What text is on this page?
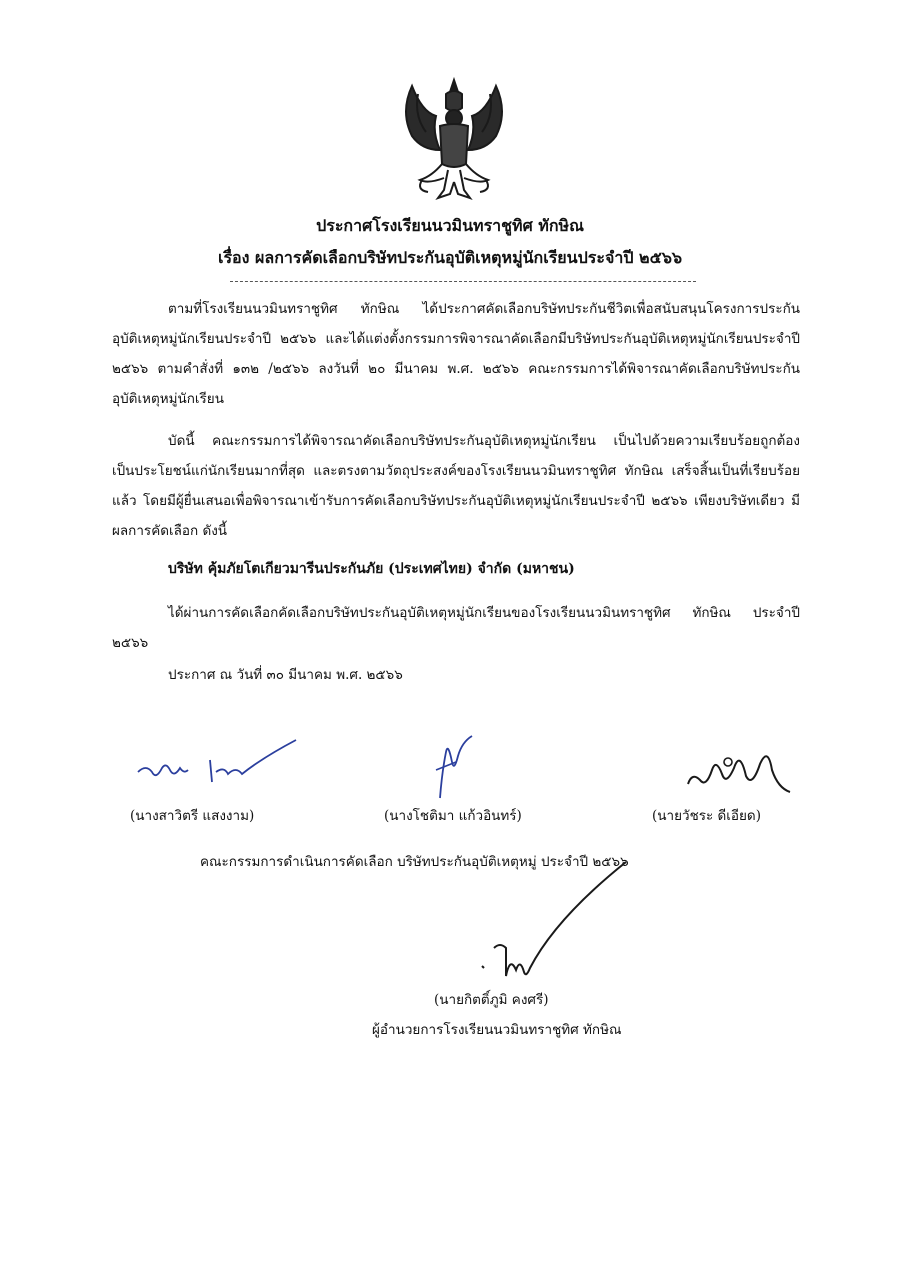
ประกาศโรงเรียนนวมินทราชูทิศ ทักษิณ
เรื่อง ผลการคัดเลือกบริษัทประกันอุบัติเหตุหมู่นักเรียนประจำปี ๒๕๖๖
ตามที่โรงเรียนนวมินทราชูทิศ ทักษิณ ได้ประกาศคัดเลือกบริษัทประกันชีวิตเพื่อสนับสนุนโครงการประกันอุบัติเหตุหมู่นักเรียนประจำปี ๒๕๖๖ และได้แต่งตั้งกรรมการพิจารณาคัดเลือกมีบริษัทประกันอุบัติเหตุหมู่นักเรียนประจำปี ๒๕๖๖ ตามคำสั่งที่ ๑๓๒ /๒๕๖๖ ลงวันที่ ๒๐ มีนาคม พ.ศ. ๒๕๖๖ คณะกรรมการได้พิจารณาคัดเลือกบริษัทประกันอุบัติเหตุหมู่นักเรียน
บัดนี้ คณะกรรมการได้พิจารณาคัดเลือกบริษัทประกันอุบัติเหตุหมู่นักเรียน เป็นไปด้วยความเรียบร้อยถูกต้อง เป็นประโยชน์แก่นักเรียนมากที่สุด และตรงตามวัตถุประสงค์ของโรงเรียนนวมินทราชูทิศ ทักษิณ เสร็จสิ้นเป็นที่เรียบร้อยแล้ว โดยมีผู้ยื่นเสนอเพื่อพิจารณาเข้ารับการคัดเลือกบริษัทประกันอุบัติเหตุหมู่นักเรียนประจำปี ๒๕๖๖ เพียงบริษัทเดียว มีผลการคัดเลือก ดังนี้
บริษัท คุ้มภัยโตเกียวมารีนประกันภัย (ประเทศไทย) จำกัด (มหาชน)
ได้ผ่านการคัดเลือกคัดเลือกบริษัทประกันอุบัติเหตุหมู่นักเรียนของโรงเรียนนวมินทราชูทิศ ทักษิณ ประจำปี ๒๕๖๖
ประกาศ ณ วันที่ ๓๐ มีนาคม พ.ศ. ๒๕๖๖
(นางสาวิตรี แสงงาม)	(นางโชติมา แก้วอินทร์)	(นายวัชระ ดีเอียด)
คณะกรรมการดำเนินการคัดเลือก บริษัทประกันอุบัติเหตุหมู่ ประจำปี ๒๕๖๖
(นายกิตติ์ภูมิ คงศรี)
ผู้อำนวยการโรงเรียนนวมินทราชูทิศ ทักษิณ
